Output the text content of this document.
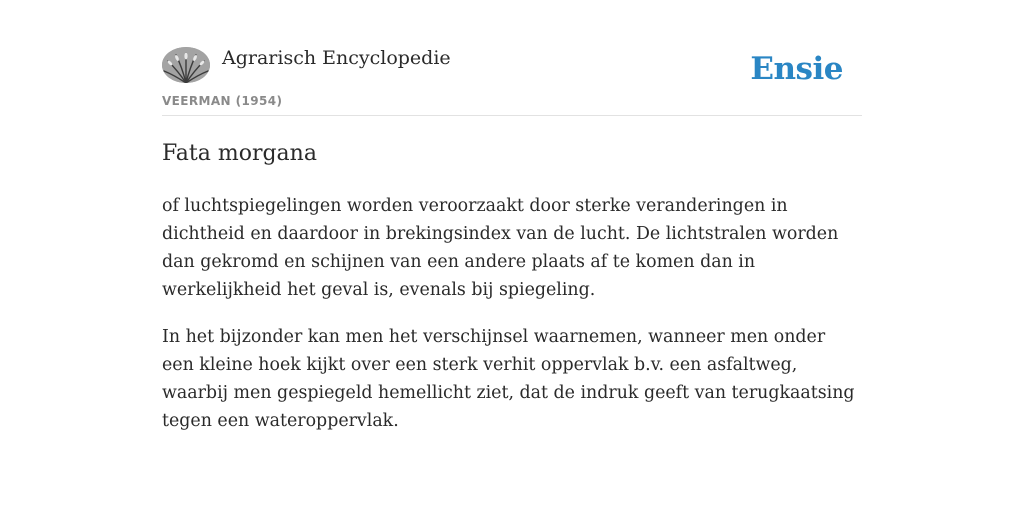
Agrarisch Encyclopedie
VEERMAN (1954)
Ensie
Fata morgana

of luchtspiegelingen worden veroorzaakt door sterke veranderingen in dichtheid en daardoor in brekingsindex van de lucht. De lichtstralen worden dan gekromd en schijnen van een andere plaats af te komen dan in werkelijkheid het geval is, evenals bij spiegeling.

In het bijzonder kan men het verschijnsel waarnemen, wanneer men onder een kleine hoek kijkt over een sterk verhit oppervlak b.v. een asfaltweg, waarbij men gespiegeld hemellicht ziet, dat de indruk geeft van terugkaatsing tegen een wateroppervlak.
